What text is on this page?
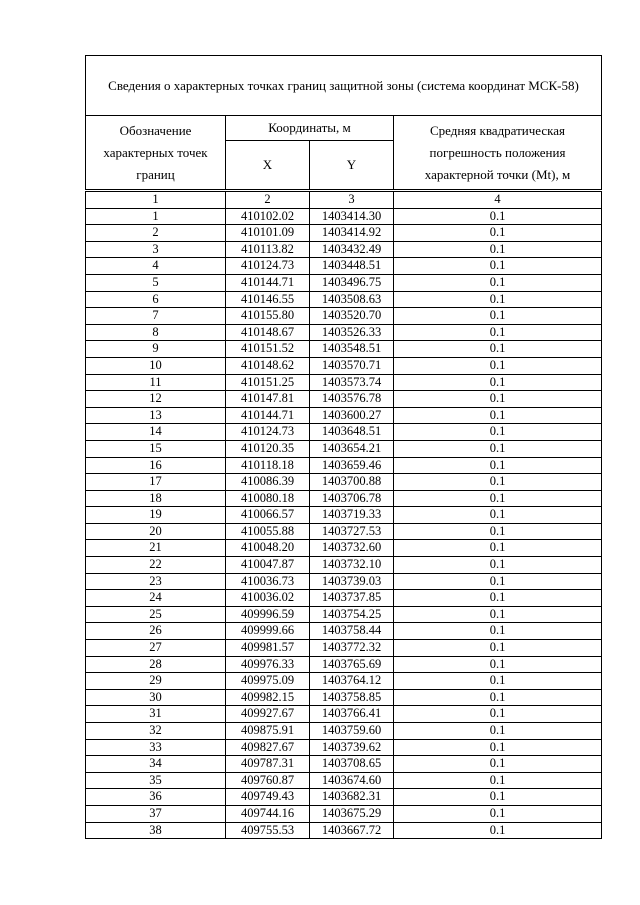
Сведения о характерных точках границ защитной зоны (система координат МСК-58)			
Обозначение характерных точек границ	Координаты, м		Средняя квадратическая погрешность положения характерной точки (Mt), м
	X	Y	
1	2	3	4
1	410102.02	1403414.30	0.1
2	410101.09	1403414.92	0.1
3	410113.82	1403432.49	0.1
4	410124.73	1403448.51	0.1
5	410144.71	1403496.75	0.1
6	410146.55	1403508.63	0.1
7	410155.80	1403520.70	0.1
8	410148.67	1403526.33	0.1
9	410151.52	1403548.51	0.1
10	410148.62	1403570.71	0.1
11	410151.25	1403573.74	0.1
12	410147.81	1403576.78	0.1
13	410144.71	1403600.27	0.1
14	410124.73	1403648.51	0.1
15	410120.35	1403654.21	0.1
16	410118.18	1403659.46	0.1
17	410086.39	1403700.88	0.1
18	410080.18	1403706.78	0.1
19	410066.57	1403719.33	0.1
20	410055.88	1403727.53	0.1
21	410048.20	1403732.60	0.1
22	410047.87	1403732.10	0.1
23	410036.73	1403739.03	0.1
24	410036.02	1403737.85	0.1
25	409996.59	1403754.25	0.1
26	409999.66	1403758.44	0.1
27	409981.57	1403772.32	0.1
28	409976.33	1403765.69	0.1
29	409975.09	1403764.12	0.1
30	409982.15	1403758.85	0.1
31	409927.67	1403766.41	0.1
32	409875.91	1403759.60	0.1
33	409827.67	1403739.62	0.1
34	409787.31	1403708.65	0.1
35	409760.87	1403674.60	0.1
36	409749.43	1403682.31	0.1
37	409744.16	1403675.29	0.1
38	409755.53	1403667.72	0.1
